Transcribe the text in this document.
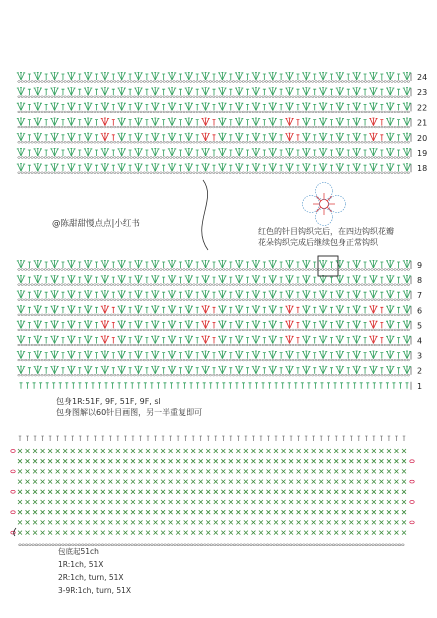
24
23
22
21
20
19
18
9
8
7
6
5
4
3
2
1
@陈甜甜慢点点|小红书
红色的针目钩织完后，在四边钩织花瓣
花朵钩织完成后继续包身正常钩织
包身1R:51F, 9F, 51F, 9F, sl
包身图解以60针目画图，另一半重复即可
包底起51ch
1R:1ch, 51X
2R:1ch, turn, 51X
3-9R:1ch, turn, 51X
